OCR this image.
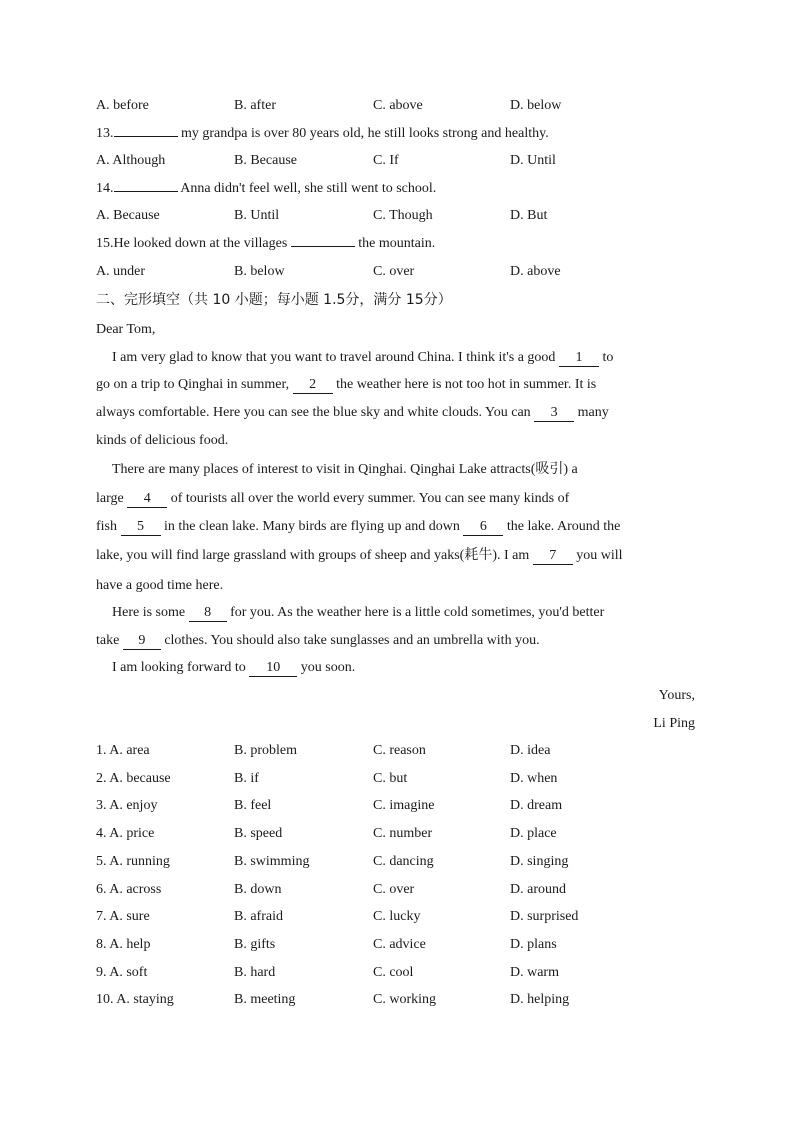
A. before	B. after	C. above	D. below
13.	my grandpa is over 80 years old, he still looks strong and healthy.
A. Although	B. Because	C. If	D. Until
14.	Anna didn't feel well, she still went to school.
A. Because	B. Until	C. Though	D. But
15.He looked down at the villages	the mountain.
A. under	B. below	C. over	D. above
二、完形填空（共 10 小题；每小题 1.5分，满分 15分）
Dear Tom,
I am very glad to know that you want to travel around China. I think it's a good 1 to
go on a trip to Qinghai in summer, 2 the weather here is not too hot in summer. It is
always comfortable. Here you can see the blue sky and white clouds. You can 3 many
kinds of delicious food.
There are many places of interest to visit in Qinghai. Qinghai Lake attracts(吸引) a
large 4 of tourists all over the world every summer. You can see many kinds of
fish 5 in the clean lake. Many birds are flying up and down 6 the lake. Around the
lake, you will find large grassland with groups of sheep and yaks(耗牛). I am 7 you will
have a good time here.
Here is some 8 for you. As the weather here is a little cold sometimes, you'd better
take 9 clothes. You should also take sunglasses and an umbrella with you.
I am looking forward to 10 you soon.
Yours,
Li Ping
1. A. area	B. problem	C. reason	D. idea
2. A. because	B. if	C. but	D. when
3. A. enjoy	B. feel	C. imagine	D. dream
4. A. price	B. speed	C. number	D. place
5. A. running	B. swimming	C. dancing	D. singing
6. A. across	B. down	C. over	D. around
7. A. sure	B. afraid	C. lucky	D. surprised
8. A. help	B. gifts	C. advice	D. plans
9. A. soft	B. hard	C. cool	D. warm
10. A. staying	B. meeting	C. working	D. helping
